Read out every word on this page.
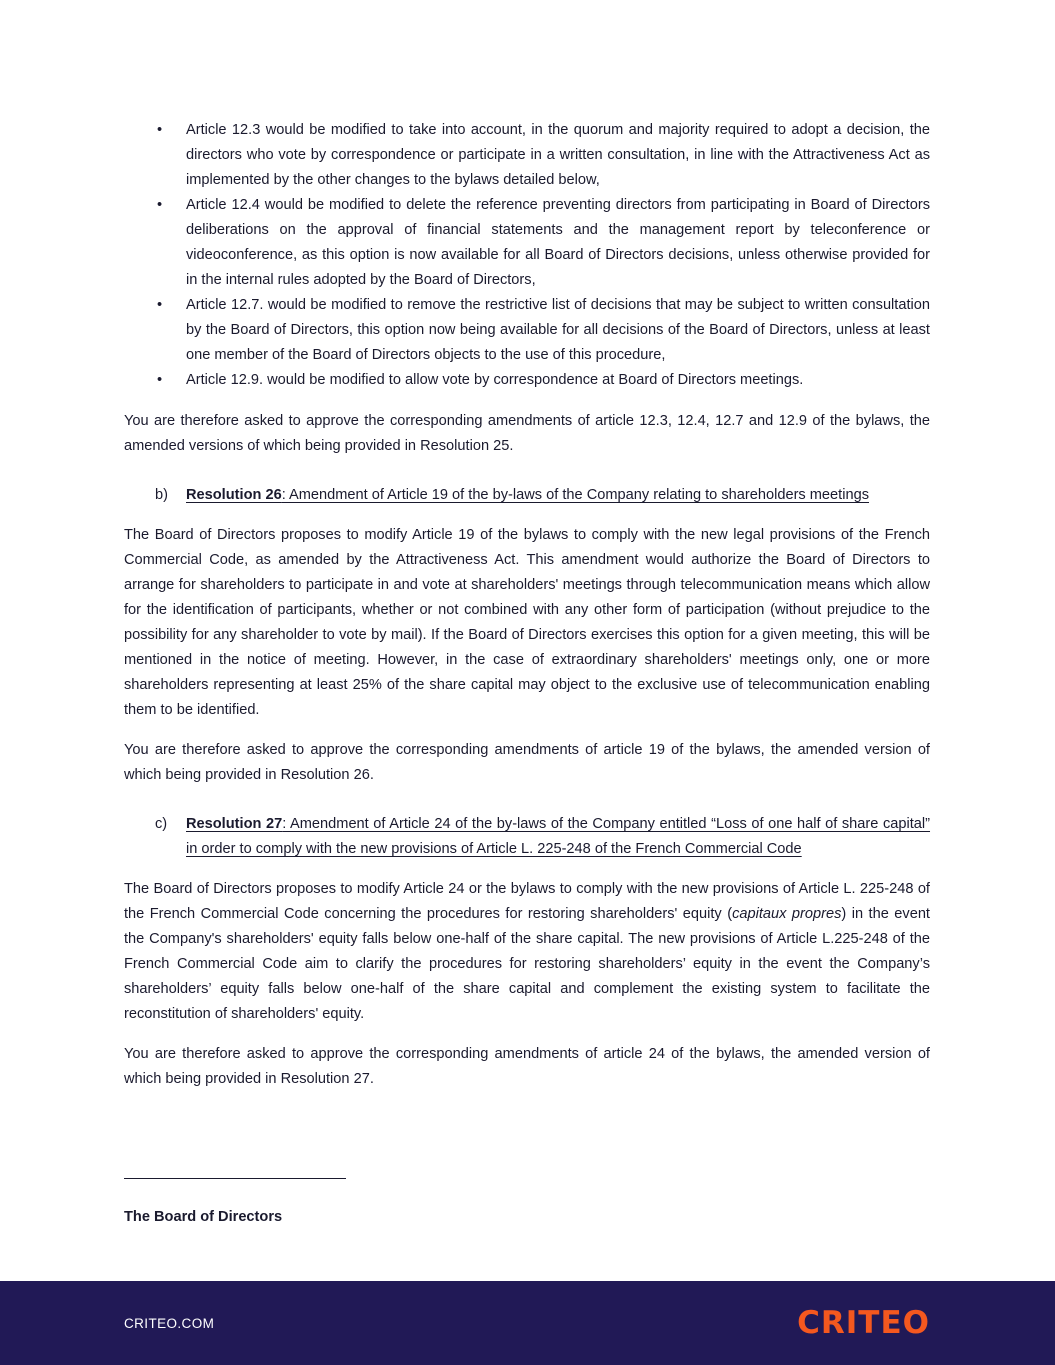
• Article 12.3 would be modified to take into account, in the quorum and majority required to adopt a decision, the directors who vote by correspondence or participate in a written consultation, in line with the Attractiveness Act as implemented by the other changes to the bylaws detailed below,
• Article 12.4 would be modified to delete the reference preventing directors from participating in Board of Directors deliberations on the approval of financial statements and the management report by teleconference or videoconference, as this option is now available for all Board of Directors decisions, unless otherwise provided for in the internal rules adopted by the Board of Directors,
• Article 12.7. would be modified to remove the restrictive list of decisions that may be subject to written consultation by the Board of Directors, this option now being available for all decisions of the Board of Directors, unless at least one member of the Board of Directors objects to the use of this procedure,
• Article 12.9. would be modified to allow vote by correspondence at Board of Directors meetings.

You are therefore asked to approve the corresponding amendments of article 12.3, 12.4, 12.7 and 12.9 of the bylaws, the amended versions of which being provided in Resolution 25.

b) Resolution 26: Amendment of Article 19 of the by-laws of the Company relating to shareholders meetings

The Board of Directors proposes to modify Article 19 of the bylaws to comply with the new legal provisions of the French Commercial Code, as amended by the Attractiveness Act. This amendment would authorize the Board of Directors to arrange for shareholders to participate in and vote at shareholders' meetings through telecommunication means which allow for the identification of participants, whether or not combined with any other form of participation (without prejudice to the possibility for any shareholder to vote by mail). If the Board of Directors exercises this option for a given meeting, this will be mentioned in the notice of meeting. However, in the case of extraordinary shareholders' meetings only, one or more shareholders representing at least 25% of the share capital may object to the exclusive use of telecommunication enabling them to be identified.

You are therefore asked to approve the corresponding amendments of article 19 of the bylaws, the amended version of which being provided in Resolution 26.

c) Resolution 27: Amendment of Article 24 of the by-laws of the Company entitled “Loss of one half of share capital” in order to comply with the new provisions of Article L. 225-248 of the French Commercial Code

The Board of Directors proposes to modify Article 24 or the bylaws to comply with the new provisions of Article L. 225-248 of the French Commercial Code concerning the procedures for restoring shareholders' equity (capitaux propres) in the event the Company's shareholders' equity falls below one-half of the share capital. The new provisions of Article L.225-248 of the French Commercial Code aim to clarify the procedures for restoring shareholders’ equity in the event the Company’s shareholders’ equity falls below one-half of the share capital and complement the existing system to facilitate the reconstitution of shareholders' equity.

You are therefore asked to approve the corresponding amendments of article 24 of the bylaws, the amended version of which being provided in Resolution 27.

The Board of Directors

CRITEO.COM	CRITEO
